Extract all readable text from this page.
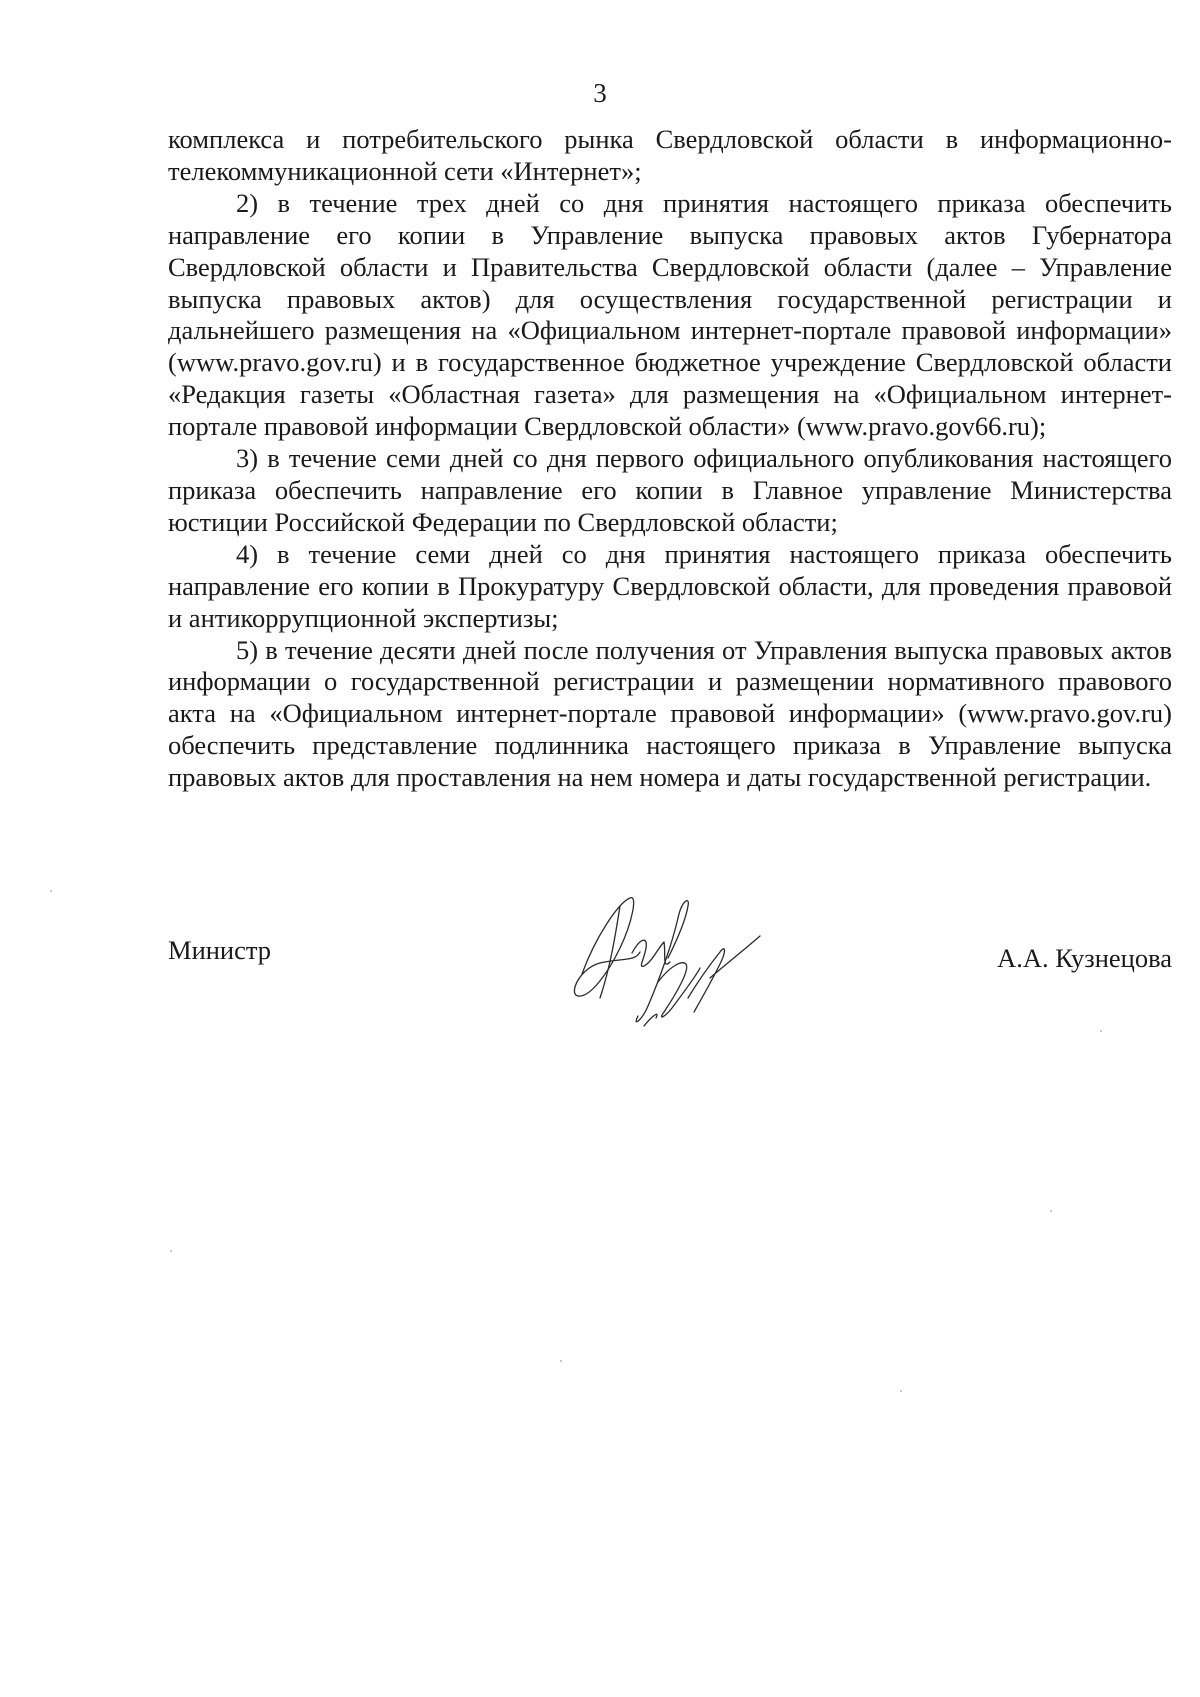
3

комплекса и потребительского рынка Свердловской области в информационно-телекоммуникационной сети «Интернет»;

2) в течение трех дней со дня принятия настоящего приказа обеспечить направление его копии в Управление выпуска правовых актов Губернатора Свердловской области и Правительства Свердловской области (далее – Управление выпуска правовых актов) для осуществления государственной регистрации и дальнейшего размещения на «Официальном интернет-портале правовой информации» (www.pravo.gov.ru) и в государственное бюджетное учреждение Свердловской области «Редакция газеты «Областная газета» для размещения на «Официальном интернет-портале правовой информации Свердловской области» (www.pravo.gov66.ru);

3) в течение семи дней со дня первого официального опубликования настоящего приказа обеспечить направление его копии в Главное управление Министерства юстиции Российской Федерации по Свердловской области;

4) в течение семи дней со дня принятия настоящего приказа обеспечить направление его копии в Прокуратуру Свердловской области, для проведения правовой и антикоррупционной экспертизы;

5) в течение десяти дней после получения от Управления выпуска правовых актов информации о государственной регистрации и размещении нормативного правового акта на «Официальном интернет-портале правовой информации» (www.pravo.gov.ru) обеспечить представление подлинника настоящего приказа в Управление выпуска правовых актов для проставления на нем номера и даты государственной регистрации.

Министр	А.А. Кузнецова
